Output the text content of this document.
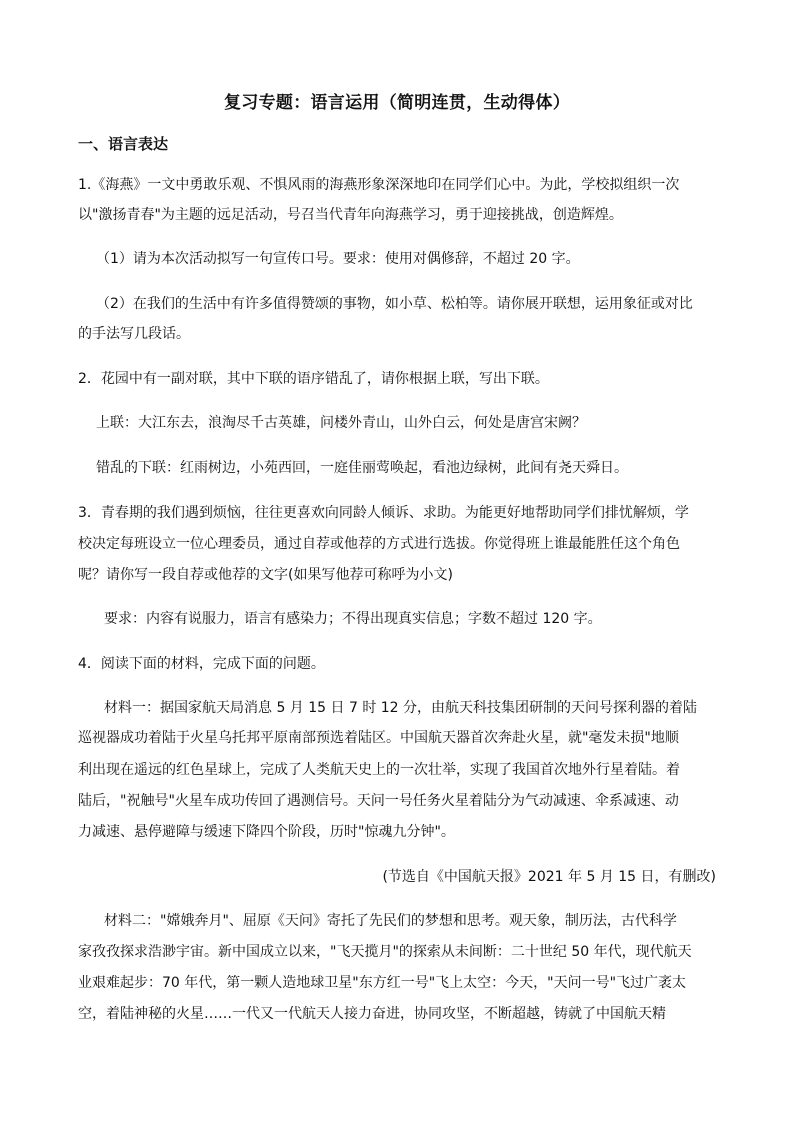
复习专题：语言运用（简明连贯，生动得体）
一、语言表达
1.《海燕》一文中勇敢乐观、不惧风雨的海燕形象深深地印在同学们心中。为此，学校拟组织一次
以"激扬青春"为主题的远足活动，号召当代青年向海燕学习，勇于迎接挑战，创造辉煌。
（1）请为本次活动拟写一句宣传口号。要求：使用对偶修辞，不超过 20 字。
（2）在我们的生活中有许多值得赞颂的事物，如小草、松柏等。请你展开联想，运用象征或对比
的手法写几段话。
2．花园中有一副对联，其中下联的语序错乱了，请你根据上联，写出下联。
上联：大江东去，浪淘尽千古英雄，问楼外青山，山外白云，何处是唐宫宋阙？
错乱的下联：红雨树边，小苑西回，一庭佳丽莺唤起，看池边绿树，此间有尧天舜日。
3．青春期的我们遇到烦恼，往往更喜欢向同龄人倾诉、求助。为能更好地帮助同学们排忧解烦，学
校决定每班设立一位心理委员，通过自荐或他荐的方式进行选拔。你觉得班上谁最能胜任这个角色
呢？请你写一段自荐或他荐的文字(如果写他荐可称呼为小文)
要求：内容有说服力，语言有感染力；不得出现真实信息；字数不超过 120 字。
4．阅读下面的材料，完成下面的问题。
材料一：据国家航天局消息 5 月 15 日 7 时 12 分，由航天科技集团研制的天问号探利器的着陆
巡视器成功着陆于火星乌托邦平原南部预选着陆区。中国航天器首次奔赴火星，就"毫发未损"地顺
利出现在遥远的红色星球上，完成了人类航天史上的一次壮举，实现了我国首次地外行星着陆。着
陆后，"祝触号"火星车成功传回了遇测信号。天问一号任务火星着陆分为气动减速、伞系减速、动
力减速、悬停避障与缓速下降四个阶段，历时"惊魂九分钟"。
(节选自《中国航天报》2021 年 5 月 15 日，有删改)
材料二："嫦娥奔月"、屈原《天问》寄托了先民们的梦想和思考。观天象，制历法，古代科学
家孜孜探求浩渺宇宙。新中国成立以来，"飞天揽月"的探索从未间断：二十世纪 50 年代，现代航天
业艰难起步：70 年代，第一颗人造地球卫星"东方红一号"飞上太空：今天，"天问一号"飞过广袤太
空，着陆神秘的火星……一代又一代航天人接力奋进，协同攻坚，不断超越，铸就了中国航天精
